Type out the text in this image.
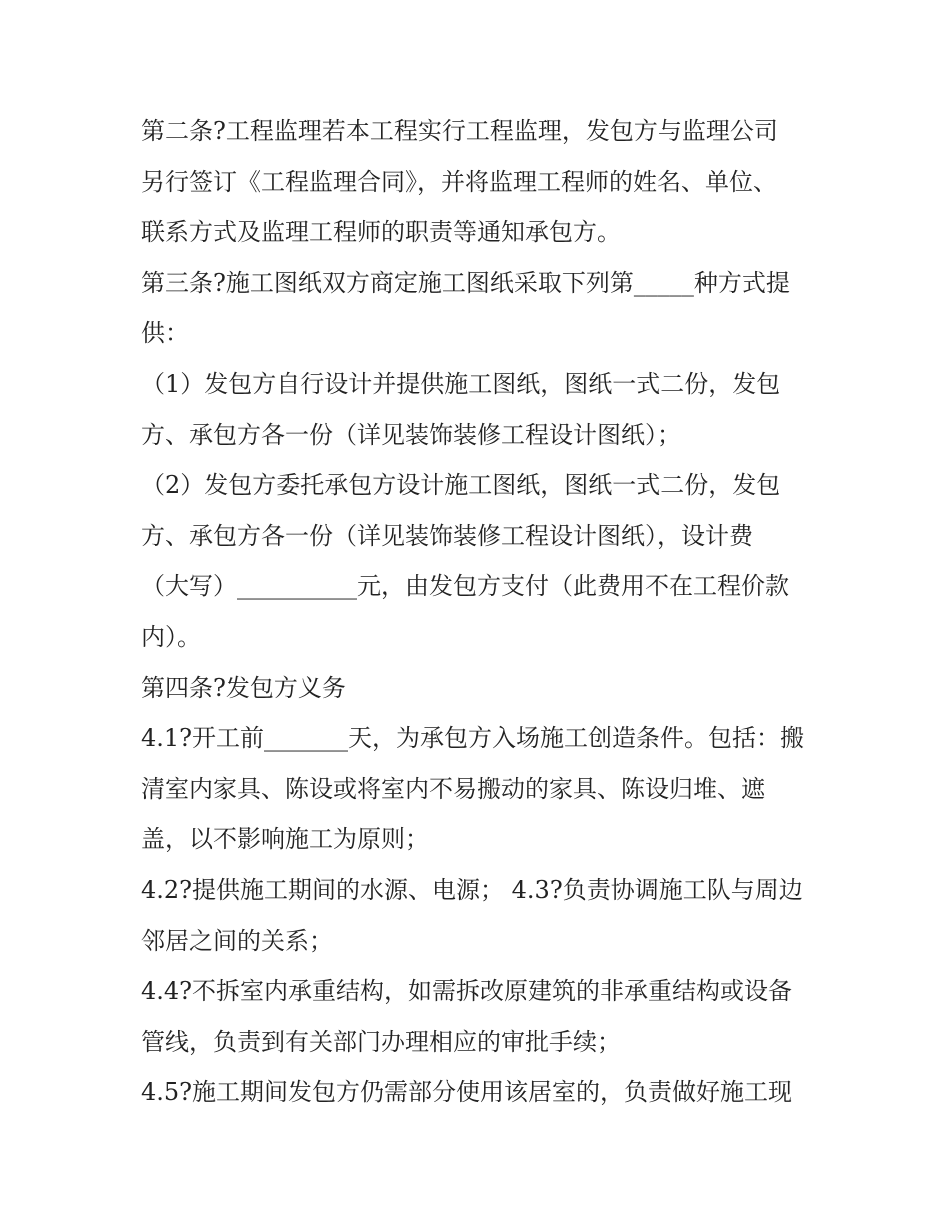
第二条?工程监理若本工程实行工程监理，发包方与监理公司
另行签订《工程监理合同》，并将监理工程师的姓名、单位、
联系方式及监理工程师的职责等通知承包方。
第三条?施工图纸双方商定施工图纸采取下列第_____种方式提
供：
（1）发包方自行设计并提供施工图纸，图纸一式二份，发包
方、承包方各一份（详见装饰装修工程设计图纸）；
（2）发包方委托承包方设计施工图纸，图纸一式二份，发包
方、承包方各一份（详见装饰装修工程设计图纸），设计费
（大写）__________元，由发包方支付（此费用不在工程价款
内）。
第四条?发包方义务
4.1?开工前_______天，为承包方入场施工创造条件。包括：搬
清室内家具、陈设或将室内不易搬动的家具、陈设归堆、遮
盖，以不影响施工为原则；
4.2?提供施工期间的水源、电源； 4.3?负责协调施工队与周边
邻居之间的关系；
4.4?不拆室内承重结构，如需拆改原建筑的非承重结构或设备
管线，负责到有关部门办理相应的审批手续；
4.5?施工期间发包方仍需部分使用该居室的，负责做好施工现
